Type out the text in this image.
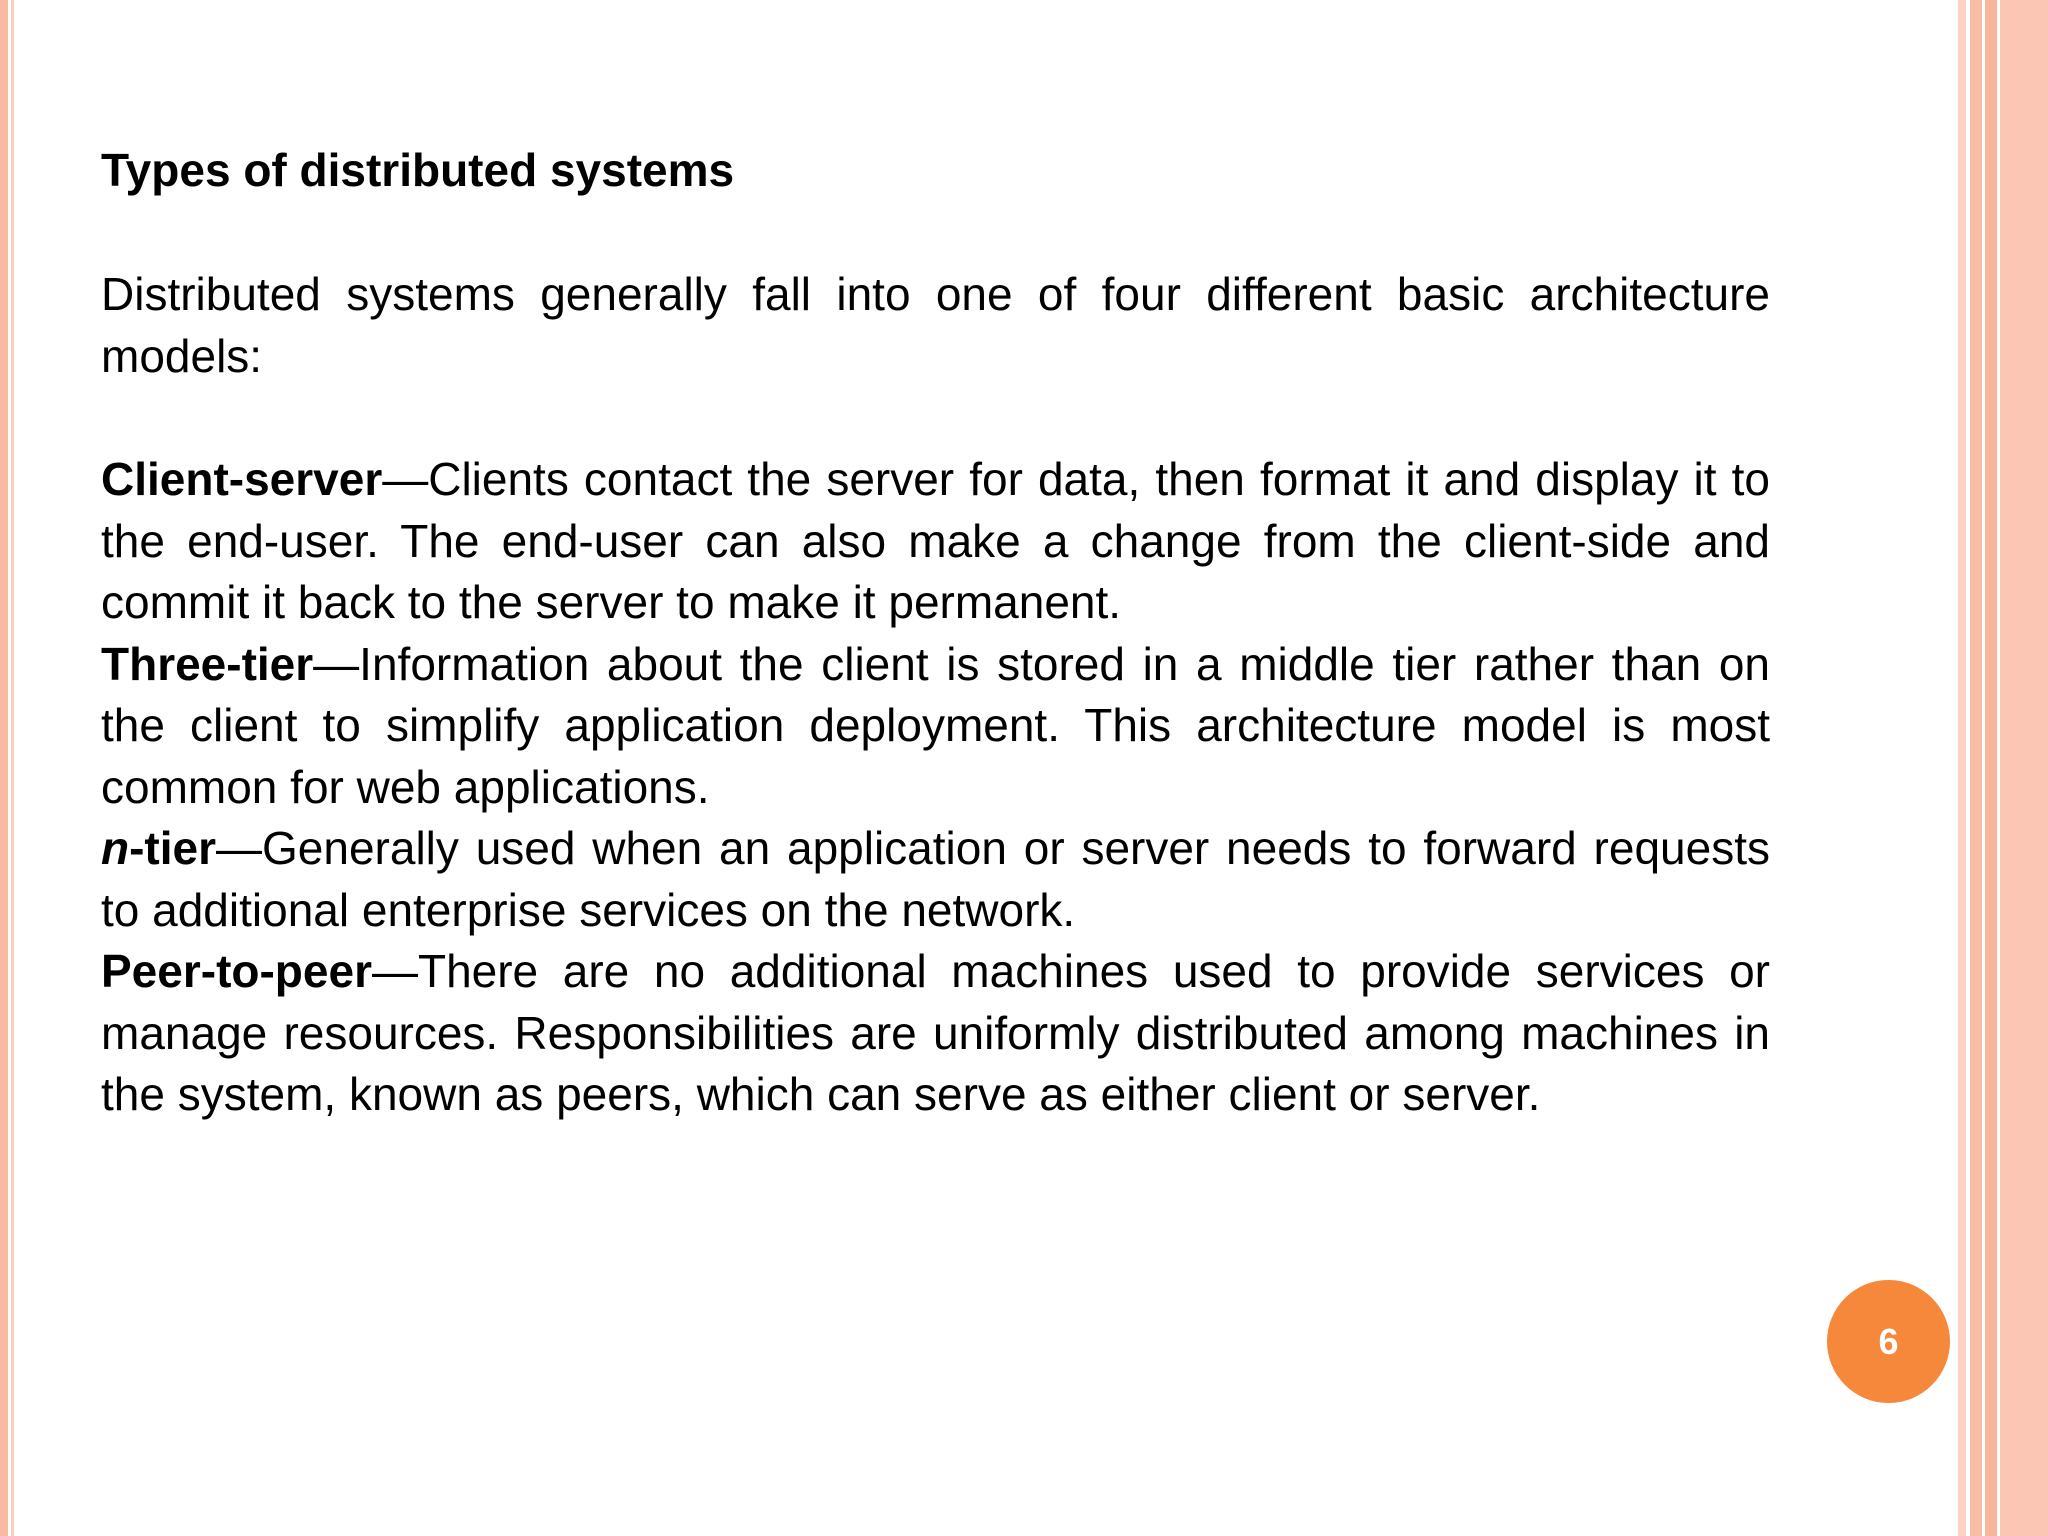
Types of distributed systems

Distributed systems generally fall into one of four different basic architecture models:

Client-server—Clients contact the server for data, then format it and display it to the end-user. The end-user can also make a change from the client-side and commit it back to the server to make it permanent.

Three-tier—Information about the client is stored in a middle tier rather than on the client to simplify application deployment. This architecture model is most common for web applications.

n-tier—Generally used when an application or server needs to forward requests to additional enterprise services on the network.

Peer-to-peer—There are no additional machines used to provide services or manage resources. Responsibilities are uniformly distributed among machines in the system, known as peers, which can serve as either client or server.

6
